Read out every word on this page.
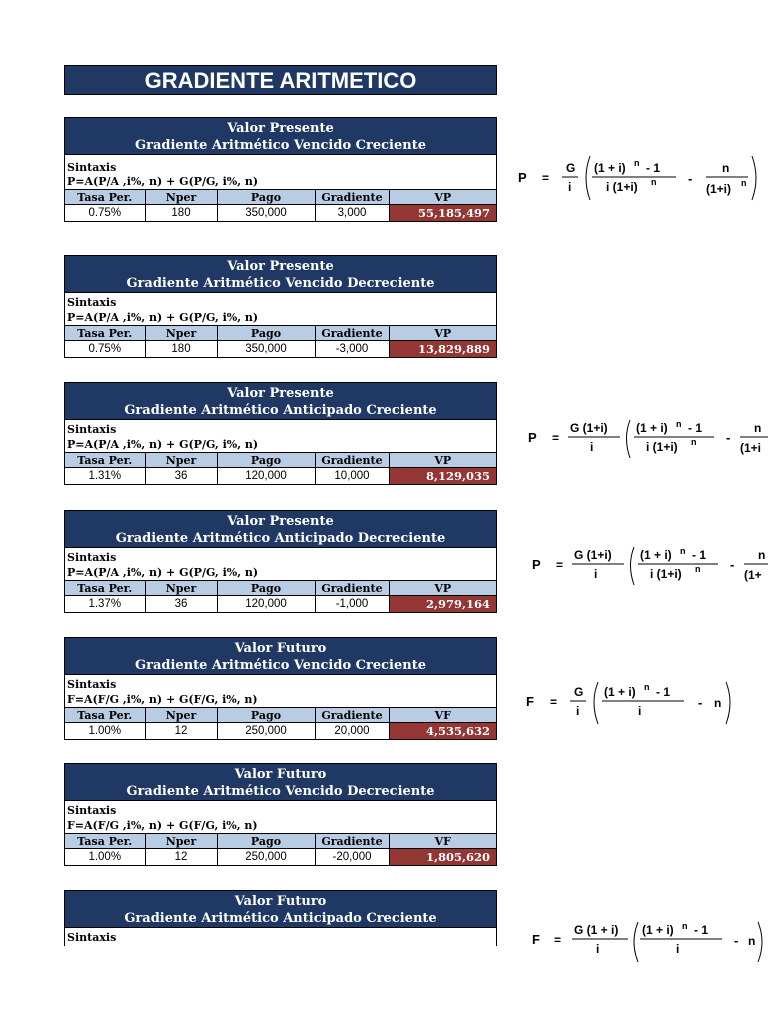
GRADIENTE ARITMETICO
Valor Presente
Gradiente Aritmético Vencido Creciente
Sintaxis
P=A(P/A ,i%, n) + G(P/G, i%, n)
Tasa Per.	Nper	Pago	Gradiente	VP
0.75%	180	350,000	3,000	55,185,497
Valor Presente
Gradiente Aritmético Vencido Decreciente
Sintaxis
P=A(P/A ,i%, n) + G(P/G, i%, n)
Tasa Per.	Nper	Pago	Gradiente	VP
0.75%	180	350,000	-3,000	13,829,889
Valor Presente
Gradiente Aritmético Anticipado Creciente
Sintaxis
P=A(P/A ,i%, n) + G(P/G, i%, n)
Tasa Per.	Nper	Pago	Gradiente	VP
1.31%	36	120,000	10,000	8,129,035
Valor Presente
Gradiente Aritmético Anticipado Decreciente
Sintaxis
P=A(P/A ,i%, n) + G(P/G, i%, n)
Tasa Per.	Nper	Pago	Gradiente	VP
1.37%	36	120,000	-1,000	2,979,164
Valor Futuro
Gradiente Aritmético Vencido Creciente
Sintaxis
F=A(F/G ,i%, n) + G(F/G, i%, n)
Tasa Per.	Nper	Pago	Gradiente	VF
1.00%	12	250,000	20,000	4,535,632
Valor Futuro
Gradiente Aritmético Vencido Decreciente
Sintaxis
F=A(F/G ,i%, n) + G(F/G, i%, n)
Tasa Per.	Nper	Pago	Gradiente	VF
1.00%	12	250,000	-20,000	1,805,620
Valor Futuro
Gradiente Aritmético Anticipado Creciente
Sintaxis
P =
G
i
(1 + i) n - 1
i (1+i) n -
n
(1+i) n
P =
G (1+i)
i
(1 + i) n - 1
i (1+i) n -
n
(1+i
P =
G (1+i)
i
(1 + i) n - 1
i (1+i) n -
n
(1+
F =
G
i
(1 + i) n - 1
i
- n
F =
G (1 + i)
i
(1 + i) n - 1
i
- n
